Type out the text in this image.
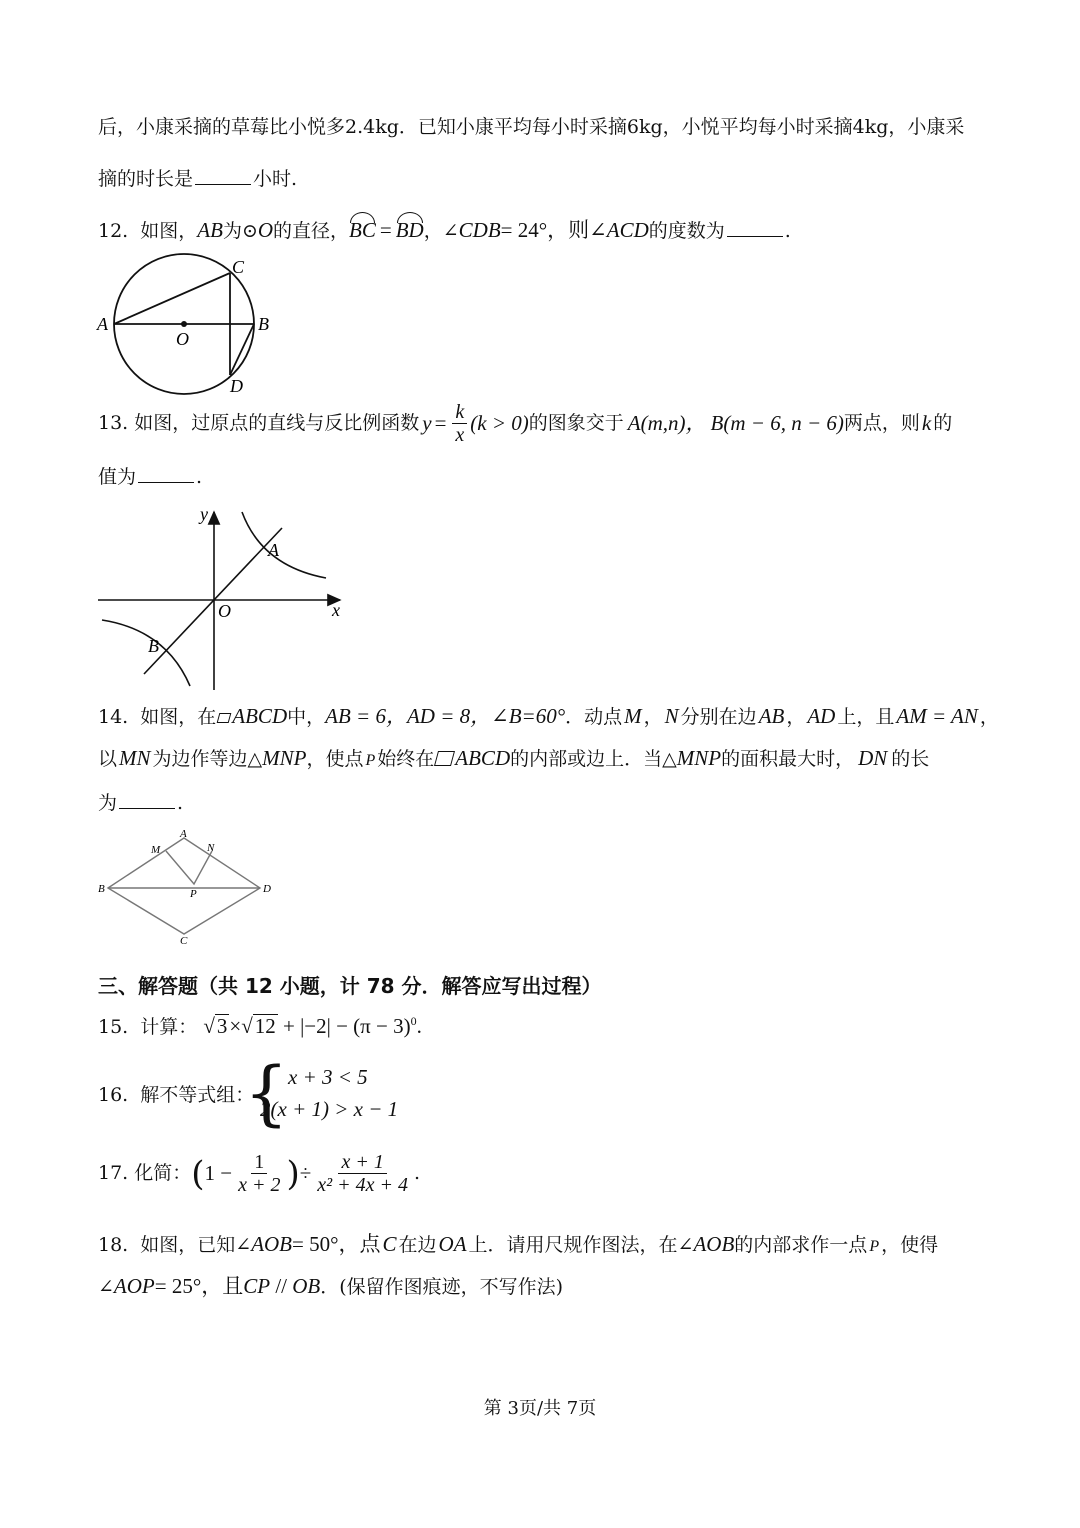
后，小康采摘的草莓比小悦多2.4kg．已知小康平均每小时采摘6kg，小悦平均每小时采摘4kg，小康采
摘的时长是	小时.
12. 如图，AB为⊙O的直径，BC = BD，∠CDB= 24°，则∠ACD的度数为	.
A	B
C
D
O
13. 如图，过原点的直线与反比例函数 $y = \frac{k}{x} (k > 0)$ 的图象交于 A(m,n)， B(m − 6, n − 6) 两点，则 k 的
值为	.
y
x
O
A
B
14. 如图，在 ABCD中，AB = 6，AD = 8，∠B=60°．动点M ，N 分别在边AB ，AD 上，且AM = AN ，
以MN 为边作等边△MNP，使点 P 始终在 ABCD的内部或边上．当△MNP的面积最大时， DN 的长
为	.
A
B
C
D
M	N
P
三、解答题（共 12 小题，计 78 分．解答应写出过程）
15. 计算： $√3\times√12 + |-2| - (\pi - 3)^0$.
16. 解不等式组：
{ x + 3 < 5
2(x + 1) > x − 1
17. 化简： ( $1 - \frac{1}{x + 2}$ ) ÷ $\frac{x + 1}{\text{x² + 4x + 4}}$ .
18. 如图，已知∠AOB= 50°，点C 在边OA 上．请用尺规作图法，在∠AOB的内部求作一点 P ，使得
∠AOP= 25°，且CP // OB．(保留作图痕迹，不写作法)
第 3页/共 7页
